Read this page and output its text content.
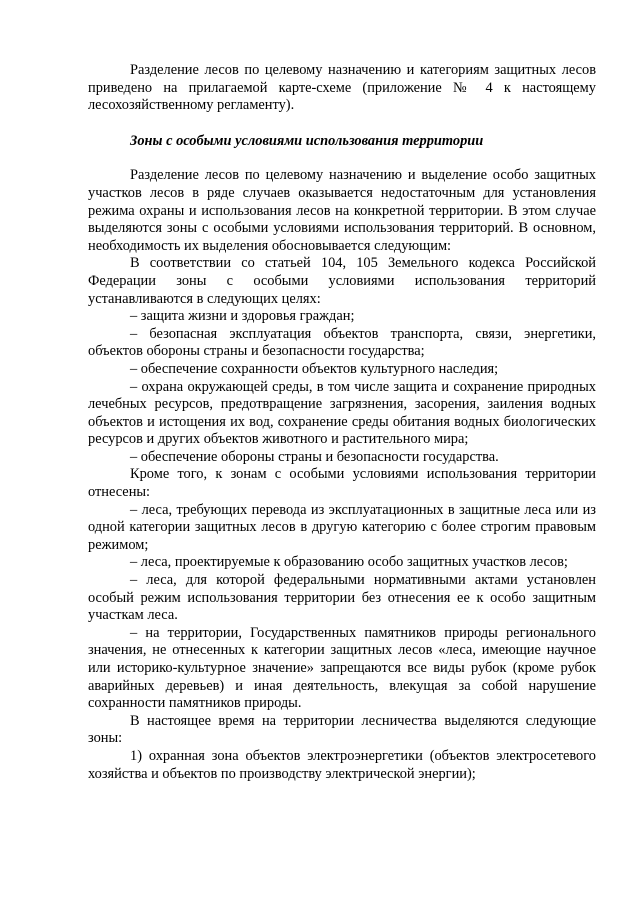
Разделение лесов по целевому назначению и категориям защитных лесов приведено на прилагаемой карте-схеме (приложение № 4 к настоящему лесохозяйственному регламенту).

Зоны с особыми условиями использования территории

Разделение лесов по целевому назначению и выделение особо защитных участков лесов в ряде случаев оказывается недостаточным для установления режима охраны и использования лесов на конкретной территории. В этом случае выделяются зоны с особыми условиями использования территорий. В основном, необходимость их выделения обосновывается следующим:

В соответствии со статьей 104, 105 Земельного кодекса Российской Федерации зоны с особыми условиями использования территорий устанавливаются в следующих целях:

– защита жизни и здоровья граждан;
– безопасная эксплуатация объектов транспорта, связи, энергетики, объектов обороны страны и безопасности государства;
– обеспечение сохранности объектов культурного наследия;
– охрана окружающей среды, в том числе защита и сохранение природных лечебных ресурсов, предотвращение загрязнения, засорения, заиления водных объектов и истощения их вод, сохранение среды обитания водных биологических ресурсов и других объектов животного и растительного мира;
– обеспечение обороны страны и безопасности государства.

Кроме того, к зонам с особыми условиями использования территории отнесены:

– леса, требующих перевода из эксплуатационных в защитные леса или из одной категории защитных лесов в другую категорию с более строгим правовым режимом;
– леса, проектируемые к образованию особо защитных участков лесов;
– леса, для которой федеральными нормативными актами установлен особый режим использования территории без отнесения ее к особо защитным участкам леса.
– на территории, Государственных памятников природы регионального значения, не отнесенных к категории защитных лесов «леса, имеющие научное или историко-культурное значение» запрещаются все виды рубок (кроме рубок аварийных деревьев) и иная деятельность, влекущая за собой нарушение сохранности памятников природы.

В настоящее время на территории лесничества выделяются следующие зоны:

1) охранная зона объектов электроэнергетики (объектов электросетевого хозяйства и объектов по производству электрической энергии);
